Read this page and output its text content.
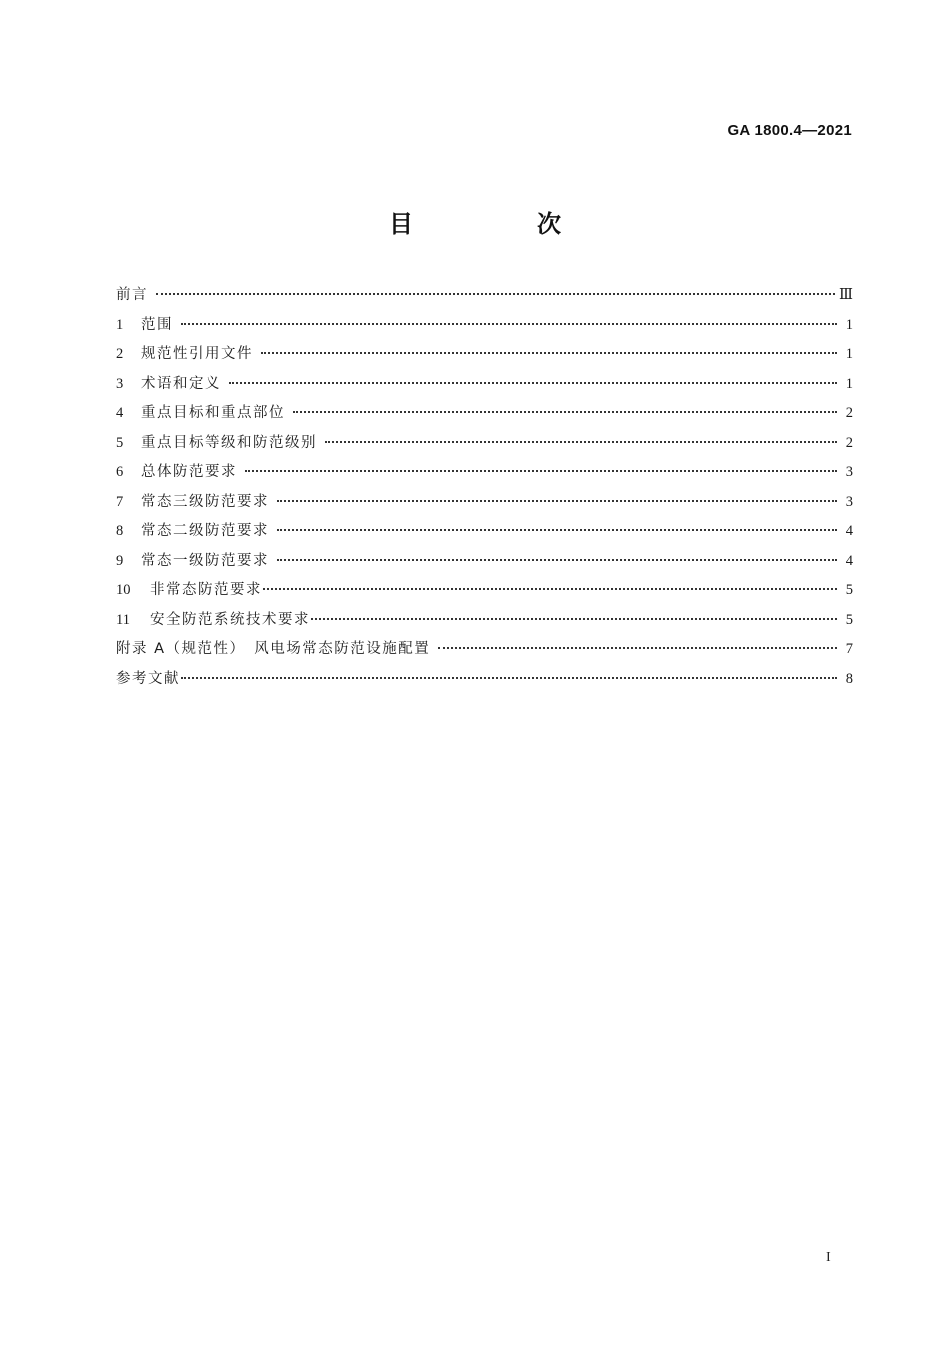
GA 1800.4—2021
目　次
前言	Ⅲ
1	范围	1
2	规范性引用文件	1
3	术语和定义	1
4	重点目标和重点部位	2
5	重点目标等级和防范级别	2
6	总体防范要求	3
7	常态三级防范要求	3
8	常态二级防范要求	4
9	常态一级防范要求	4
10	非常态防范要求	5
11	安全防范系统技术要求	5
附录 A（规范性）　风电场常态防范设施配置	7
参考文献	8
I
